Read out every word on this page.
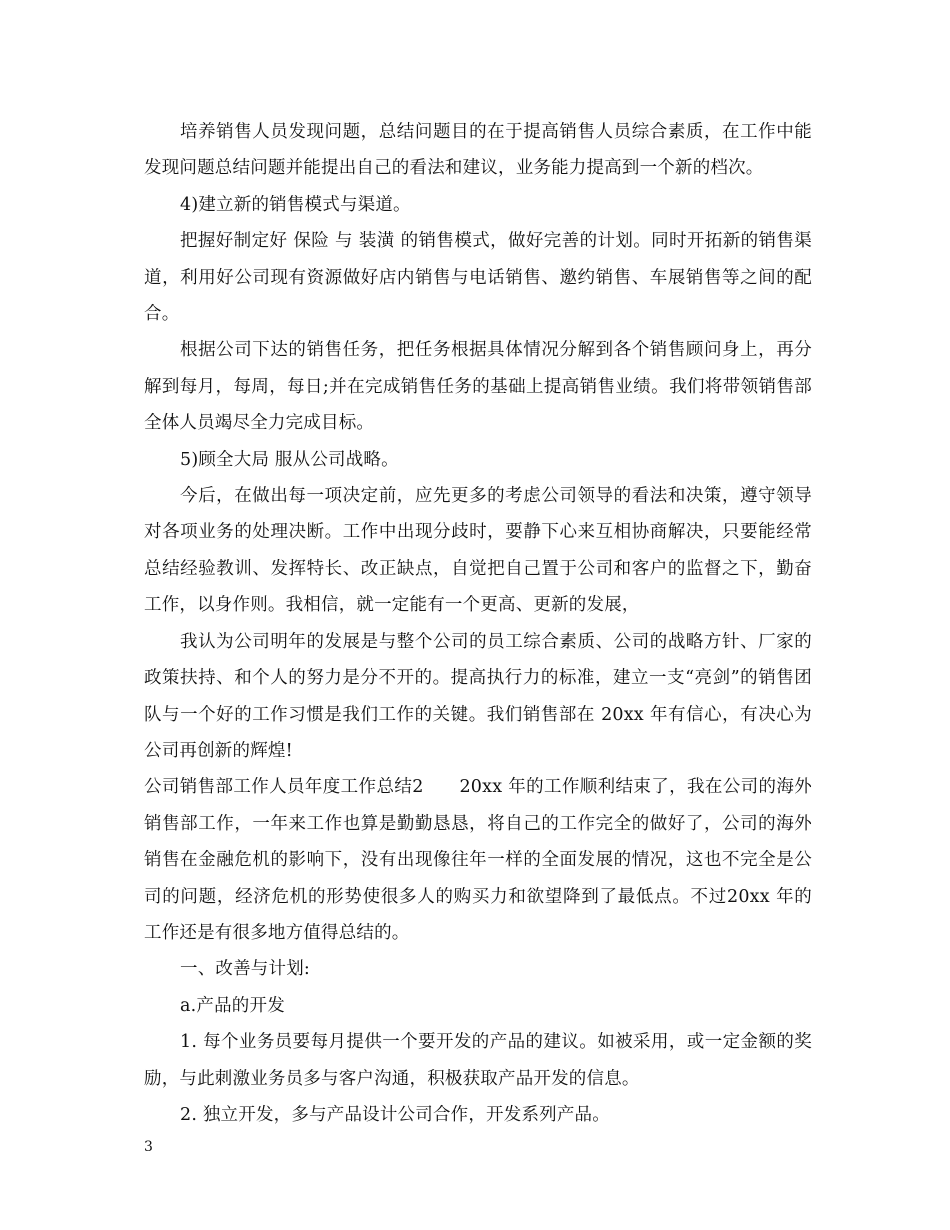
培养销售人员发现问题，总结问题目的在于提高销售人员综合素质，在工作中能发现问题总结问题并能提出自己的看法和建议，业务能力提高到一个新的档次。

4)建立新的销售模式与渠道。

把握好制定好 保险 与 装潢 的销售模式，做好完善的计划。同时开拓新的销售渠道，利用好公司现有资源做好店内销售与电话销售、邀约销售、车展销售等之间的配合。

根据公司下达的销售任务，把任务根据具体情况分解到各个销售顾问身上，再分解到每月，每周，每日;并在完成销售任务的基础上提高销售业绩。我们将带领销售部全体人员竭尽全力完成目标。

5)顾全大局 服从公司战略。

今后，在做出每一项决定前，应先更多的考虑公司领导的看法和决策，遵守领导对各项业务的处理决断。工作中出现分歧时，要静下心来互相协商解决，只要能经常总结经验教训、发挥特长、改正缺点，自觉把自己置于公司和客户的监督之下，勤奋工作，以身作则。我相信，就一定能有一个更高、更新的发展，

我认为公司明年的发展是与整个公司的员工综合素质、公司的战略方针、厂家的政策扶持、和个人的努力是分不开的。提高执行力的标准，建立一支“亮剑”的销售团队与一个好的工作习惯是我们工作的关键。我们销售部在 20xx 年有信心，有决心为公司再创新的辉煌!

公司销售部工作人员年度工作总结2　　20xx 年的工作顺利结束了，我在公司的海外销售部工作，一年来工作也算是勤勤恳恳，将自己的工作完全的做好了，公司的海外销售在金融危机的影响下，没有出现像往年一样的全面发展的情况，这也不完全是公司的问题，经济危机的形势使很多人的购买力和欲望降到了最低点。不过20xx 年的工作还是有很多地方值得总结的。

一、改善与计划:

a.产品的开发

1. 每个业务员要每月提供一个要开发的产品的建议。如被采用，或一定金额的奖励，与此刺激业务员多与客户沟通，积极获取产品开发的信息。

2. 独立开发，多与产品设计公司合作，开发系列产品。

3
